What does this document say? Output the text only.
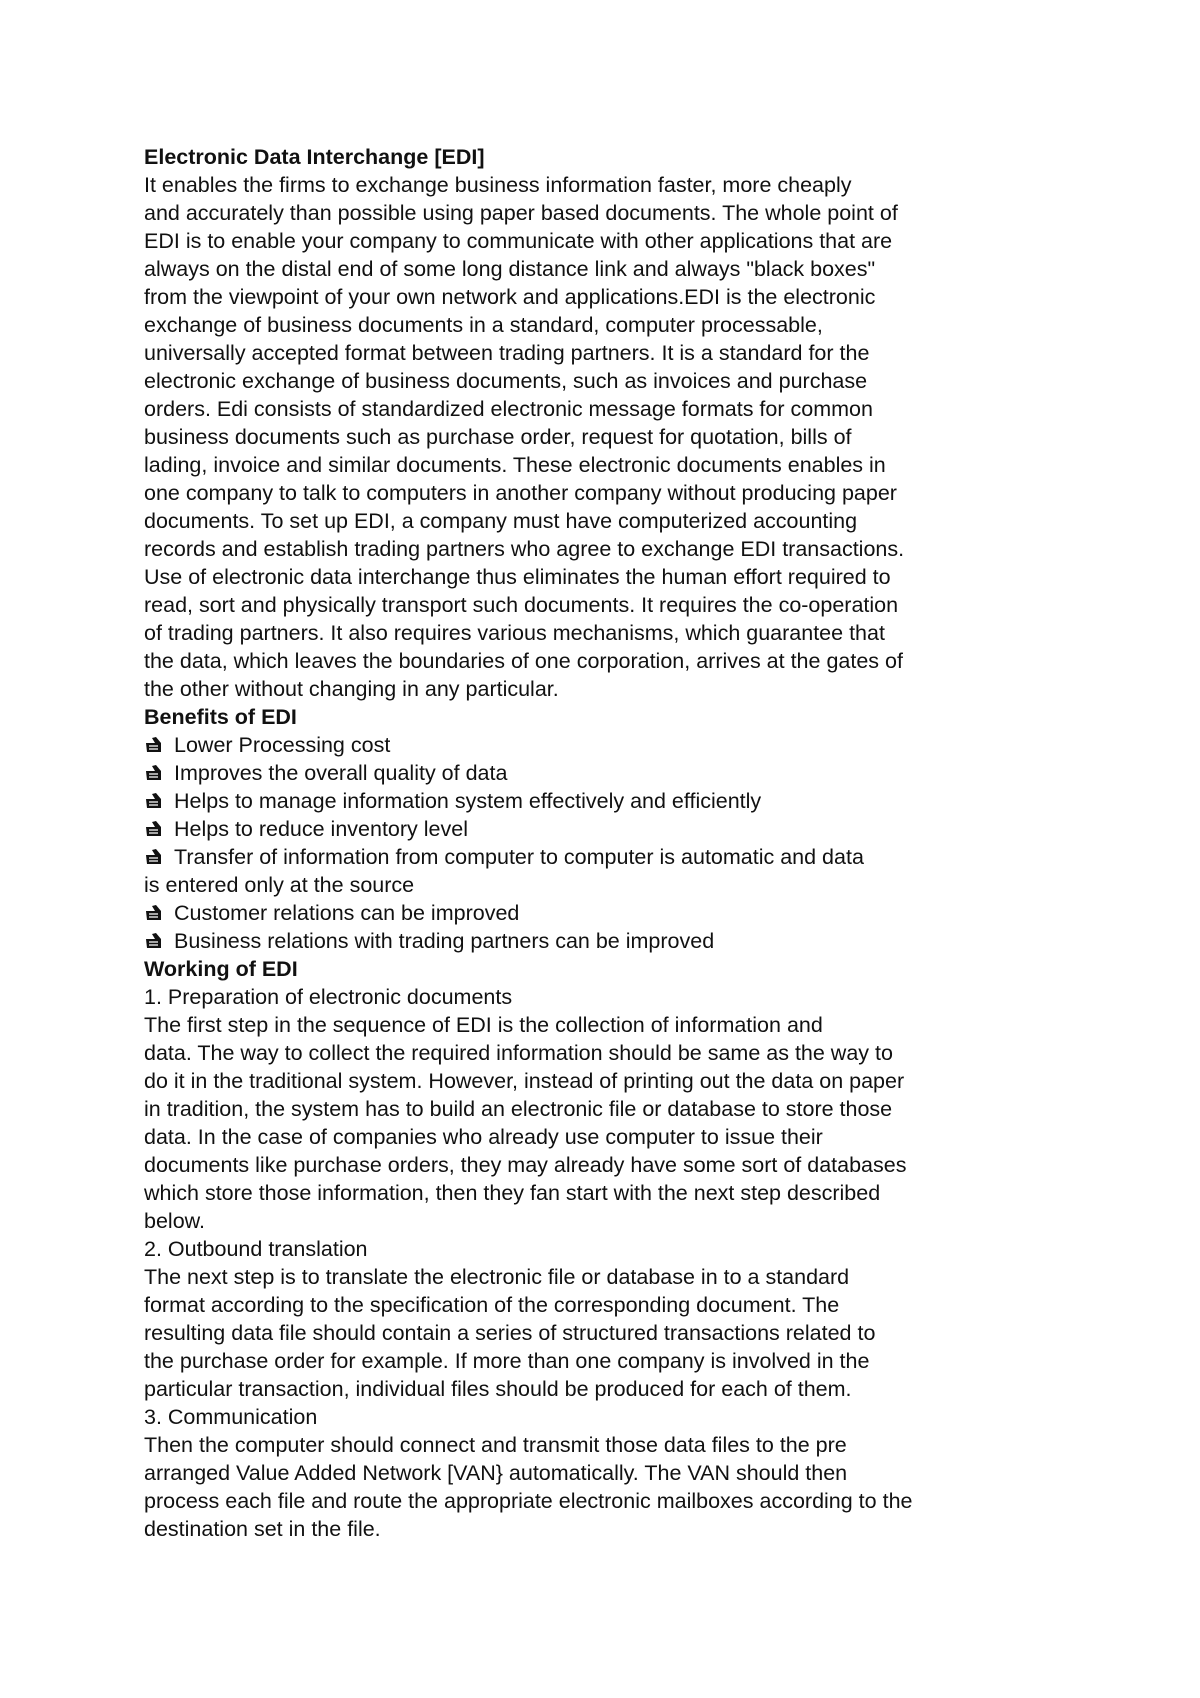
Electronic Data Interchange [EDI]
It enables the firms to exchange business information faster, more cheaply
and accurately than possible using paper based documents. The whole point of
EDI is to enable your company to communicate with other applications that are
always on the distal end of some long distance link and always "black boxes"
from the viewpoint of your own network and applications.EDI is the electronic
exchange of business documents in a standard, computer processable,
universally accepted format between trading partners. It is a standard for the
electronic exchange of business documents, such as invoices and purchase
orders. Edi consists of standardized electronic message formats for common
business documents such as purchase order, request for quotation, bills of
lading, invoice and similar documents. These electronic documents enables in
one company to talk to computers in another company without producing paper
documents. To set up EDI, a company must have computerized accounting
records and establish trading partners who agree to exchange EDI transactions.
Use of electronic data interchange thus eliminates the human effort required to
read, sort and physically transport such documents. It requires the co-operation
of trading partners. It also requires various mechanisms, which guarantee that
the data, which leaves the boundaries of one corporation, arrives at the gates of
the other without changing in any particular.
Benefits of EDI
Lower Processing cost
Improves the overall quality of data
Helps to manage information system effectively and efficiently
Helps to reduce inventory level
Transfer of information from computer to computer is automatic and data
is entered only at the source
Customer relations can be improved
Business relations with trading partners can be improved
Working of EDI
1. Preparation of electronic documents
The first step in the sequence of EDI is the collection of information and
data. The way to collect the required information should be same as the way to
do it in the traditional system. However, instead of printing out the data on paper
in tradition, the system has to build an electronic file or database to store those
data. In the case of companies who already use computer to issue their
documents like purchase orders, they may already have some sort of databases
which store those information, then they fan start with the next step described
below.
2. Outbound translation
The next step is to translate the electronic file or database in to a standard
format according to the specification of the corresponding document. The
resulting data file should contain a series of structured transactions related to
the purchase order for example. If more than one company is involved in the
particular transaction, individual files should be produced for each of them.
3. Communication
Then the computer should connect and transmit those data files to the pre
arranged Value Added Network [VAN} automatically. The VAN should then
process each file and route the appropriate electronic mailboxes according to the
destination set in the file.
